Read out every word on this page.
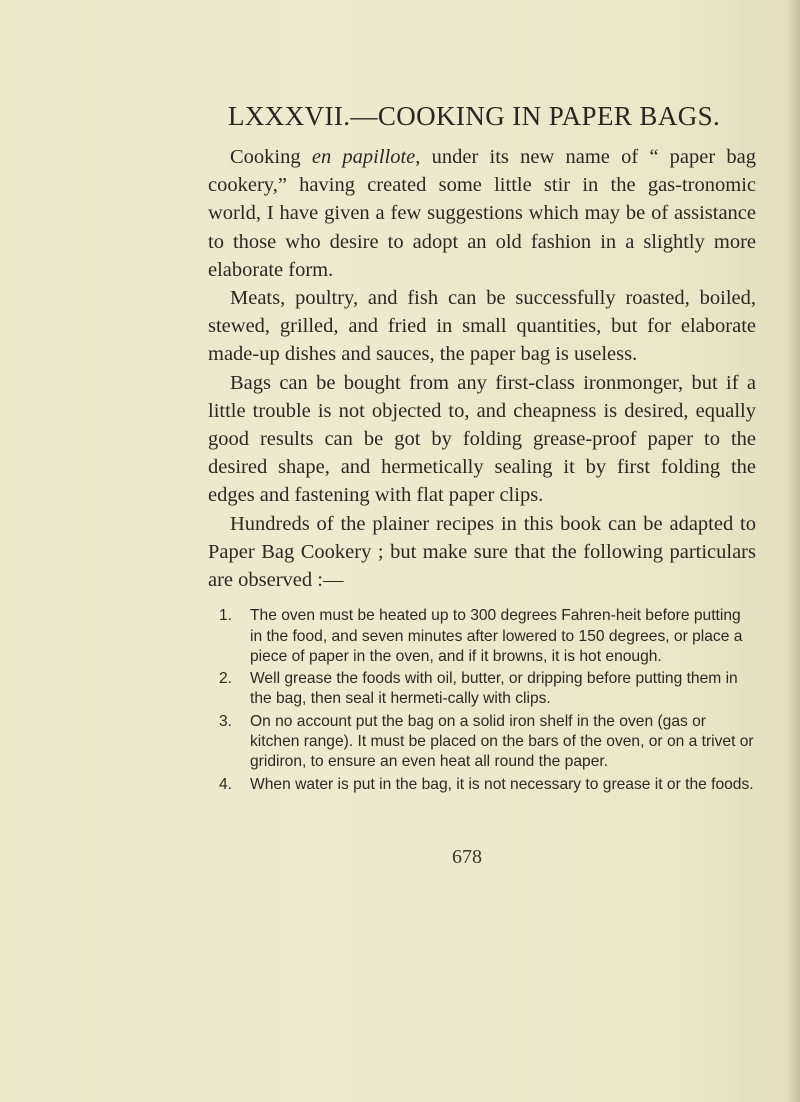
LXXXVII.—COOKING IN PAPER BAGS.

Cooking en papillote, under its new name of “ paper bag cookery,” having created some little stir in the gas-tronomic world, I have given a few suggestions which may be of assistance to those who desire to adopt an old fashion in a slightly more elaborate form.

Meats, poultry, and fish can be successfully roasted, boiled, stewed, grilled, and fried in small quantities, but for elaborate made-up dishes and sauces, the paper bag is useless.

Bags can be bought from any first-class ironmonger, but if a little trouble is not objected to, and cheapness is desired, equally good results can be got by folding grease-proof paper to the desired shape, and hermetically sealing it by first folding the edges and fastening with flat paper clips.

Hundreds of the plainer recipes in this book can be adapted to Paper Bag Cookery ; but make sure that the following particulars are observed :—

1. The oven must be heated up to 300 degrees Fahren-heit before putting in the food, and seven minutes after lowered to 150 degrees, or place a piece of paper in the oven, and if it browns, it is hot enough.
2. Well grease the foods with oil, butter, or dripping before putting them in the bag, then seal it hermeti-cally with clips.
3. On no account put the bag on a solid iron shelf in the oven (gas or kitchen range). It must be placed on the bars of the oven, or on a trivet or gridiron, to ensure an even heat all round the paper.
4. When water is put in the bag, it is not necessary to grease it or the foods.
678
